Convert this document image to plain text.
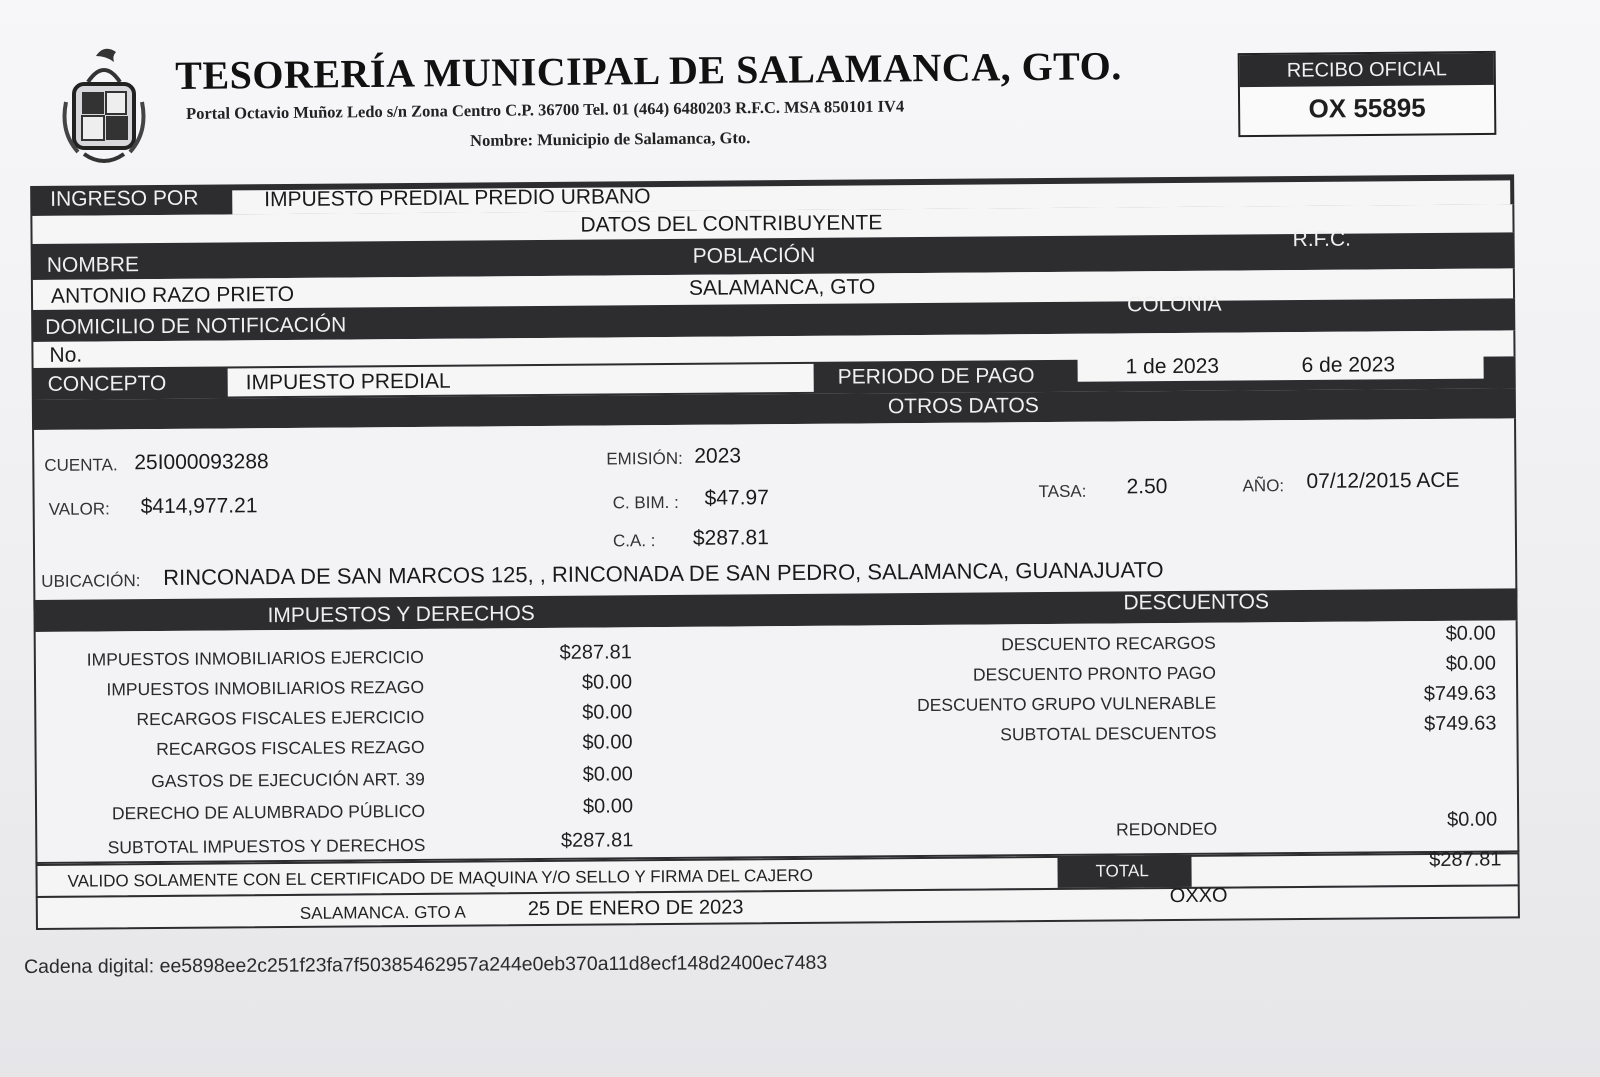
TESORERÍA MUNICIPAL DE SALAMANCA, GTO.
Portal Octavio Muñoz Ledo s/n Zona Centro C.P. 36700 Tel. 01 (464) 6480203 R.F.C. MSA 850101 IV4
Nombre: Municipio de Salamanca, Gto.
RECIBO OFICIAL
OX 55895
INGRESO POR	IMPUESTO PREDIAL PREDIO URBANO
DATOS DEL CONTRIBUYENTE
NOMBRE	POBLACIÓN
R.F.C.
ANTONIO RAZO PRIETO	SALAMANCA, GTO
DOMICILIO DE NOTIFICACIÓN
COLONIA
No.
CONCEPTO	IMPUESTO PREDIAL	PERIODO DE PAGO	1 de 2023	6 de 2023
OTROS DATOS
CUENTA. 25I000093288	EMISIÓN: 2023
VALOR: $414,977.21	C. BIM. : $47.97	TASA: 2.50	AÑO: 07/12/2015 ACE
C.A. : $287.81
UBICACIÓN: RINCONADA DE SAN MARCOS 125, , RINCONADA DE SAN PEDRO, SALAMANCA, GUANAJUATO
IMPUESTOS Y DERECHOS	DESCUENTOS
IMPUESTOS INMOBILIARIOS EJERCICIO	$287.81
IMPUESTOS INMOBILIARIOS REZAGO	$0.00
RECARGOS FISCALES EJERCICIO	$0.00
RECARGOS FISCALES REZAGO	$0.00
GASTOS DE EJECUCIÓN ART. 39	$0.00
DERECHO DE ALUMBRADO PÚBLICO	$0.00
SUBTOTAL IMPUESTOS Y DERECHOS	$287.81
DESCUENTO RECARGOS	$0.00
DESCUENTO PRONTO PAGO	$0.00
DESCUENTO GRUPO VULNERABLE	$749.63
SUBTOTAL DESCUENTOS	$749.63
REDONDEO	$0.00
VALIDO SOLAMENTE CON EL CERTIFICADO DE MAQUINA Y/O SELLO Y FIRMA DEL CAJERO	TOTAL	$287.81
SALAMANCA. GTO A	25 DE ENERO DE 2023
OXXO
Cadena digital: ee5898ee2c251f23fa7f50385462957a244e0eb370a11d8ecf148d2400ec7483
